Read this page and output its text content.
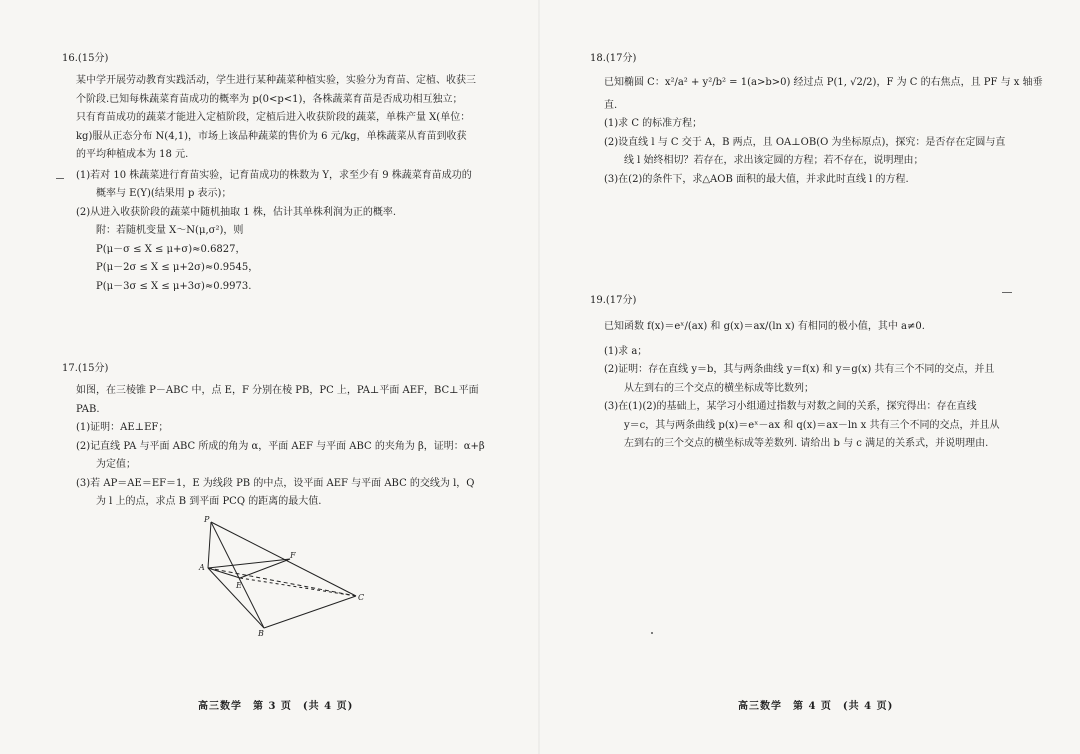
16.(15分)
某中学开展劳动教育实践活动，学生进行某种蔬菜种植实验，实验分为育苗、定植、收获三
个阶段.已知每株蔬菜育苗成功的概率为 p(0<p<1)，各株蔬菜育苗是否成功相互独立；
只有育苗成功的蔬菜才能进入定植阶段，定植后进入收获阶段的蔬菜，单株产量 X(单位：
kg)服从正态分布 N(4,1)，市场上该品种蔬菜的售价为 6 元/kg，单株蔬菜从育苗到收获
的平均种植成本为 18 元.
(1)若对 10 株蔬菜进行育苗实验，记育苗成功的株数为 Y，求至少有 9 株蔬菜育苗成功的
概率与 E(Y)(结果用 p 表示)；
(2)从进入收获阶段的蔬菜中随机抽取 1 株，估计其单株利润为正的概率.
附：若随机变量 X～N(μ,σ²)，则
P(μ－σ ≤ X ≤ μ+σ)≈0.6827，
P(μ－2σ ≤ X ≤ μ+2σ)≈0.9545，
P(μ－3σ ≤ X ≤ μ+3σ)≈0.9973.
17.(15分)
如图，在三棱锥 P－ABC 中，点 E，F 分别在棱 PB，PC 上，PA⊥平面 AEF，BC⊥平面
PAB.
(1)证明：AE⊥EF；
(2)记直线 PA 与平面 ABC 所成的角为 α，平面 AEF 与平面 ABC 的夹角为 β，证明：α+β
为定值；
(3)若 AP＝AE＝EF＝1，E 为线段 PB 的中点，设平面 AEF 与平面 ABC 的交线为 l，Q
为 l 上的点，求点 B 到平面 PCQ 的距离的最大值.
P
A
E
F
B
C
高三数学　第 3 页　(共 4 页)
18.(17分)
已知椭圆 C：x²/a² + y²/b² = 1(a>b>0) 经过点 P(1, √2/2)，F 为 C 的右焦点，且 PF 与 x 轴垂
直.
(1)求 C 的标准方程；
(2)设直线 l 与 C 交于 A，B 两点，且 OA⊥OB(O 为坐标原点)，探究：是否存在定圆与直
线 l 始终相切？若存在，求出该定圆的方程；若不存在，说明理由；
(3)在(2)的条件下，求△AOB 面积的最大值，并求此时直线 l 的方程.
19.(17分)
已知函数 f(x)＝eˣ/(ax) 和 g(x)＝ax/(ln x) 有相同的极小值，其中 a≠0.
(1)求 a；
(2)证明：存在直线 y＝b，其与两条曲线 y＝f(x) 和 y＝g(x) 共有三个不同的交点，并且
从左到右的三个交点的横坐标成等比数列；
(3)在(1)(2)的基础上，某学习小组通过指数与对数之间的关系，探究得出：存在直线
y＝c，其与两条曲线 p(x)＝eˣ－ax 和 q(x)＝ax－ln x 共有三个不同的交点，并且从
左到右的三个交点的横坐标成等差数列. 请给出 b 与 c 满足的关系式，并说明理由.
高三数学　第 4 页　(共 4 页)
